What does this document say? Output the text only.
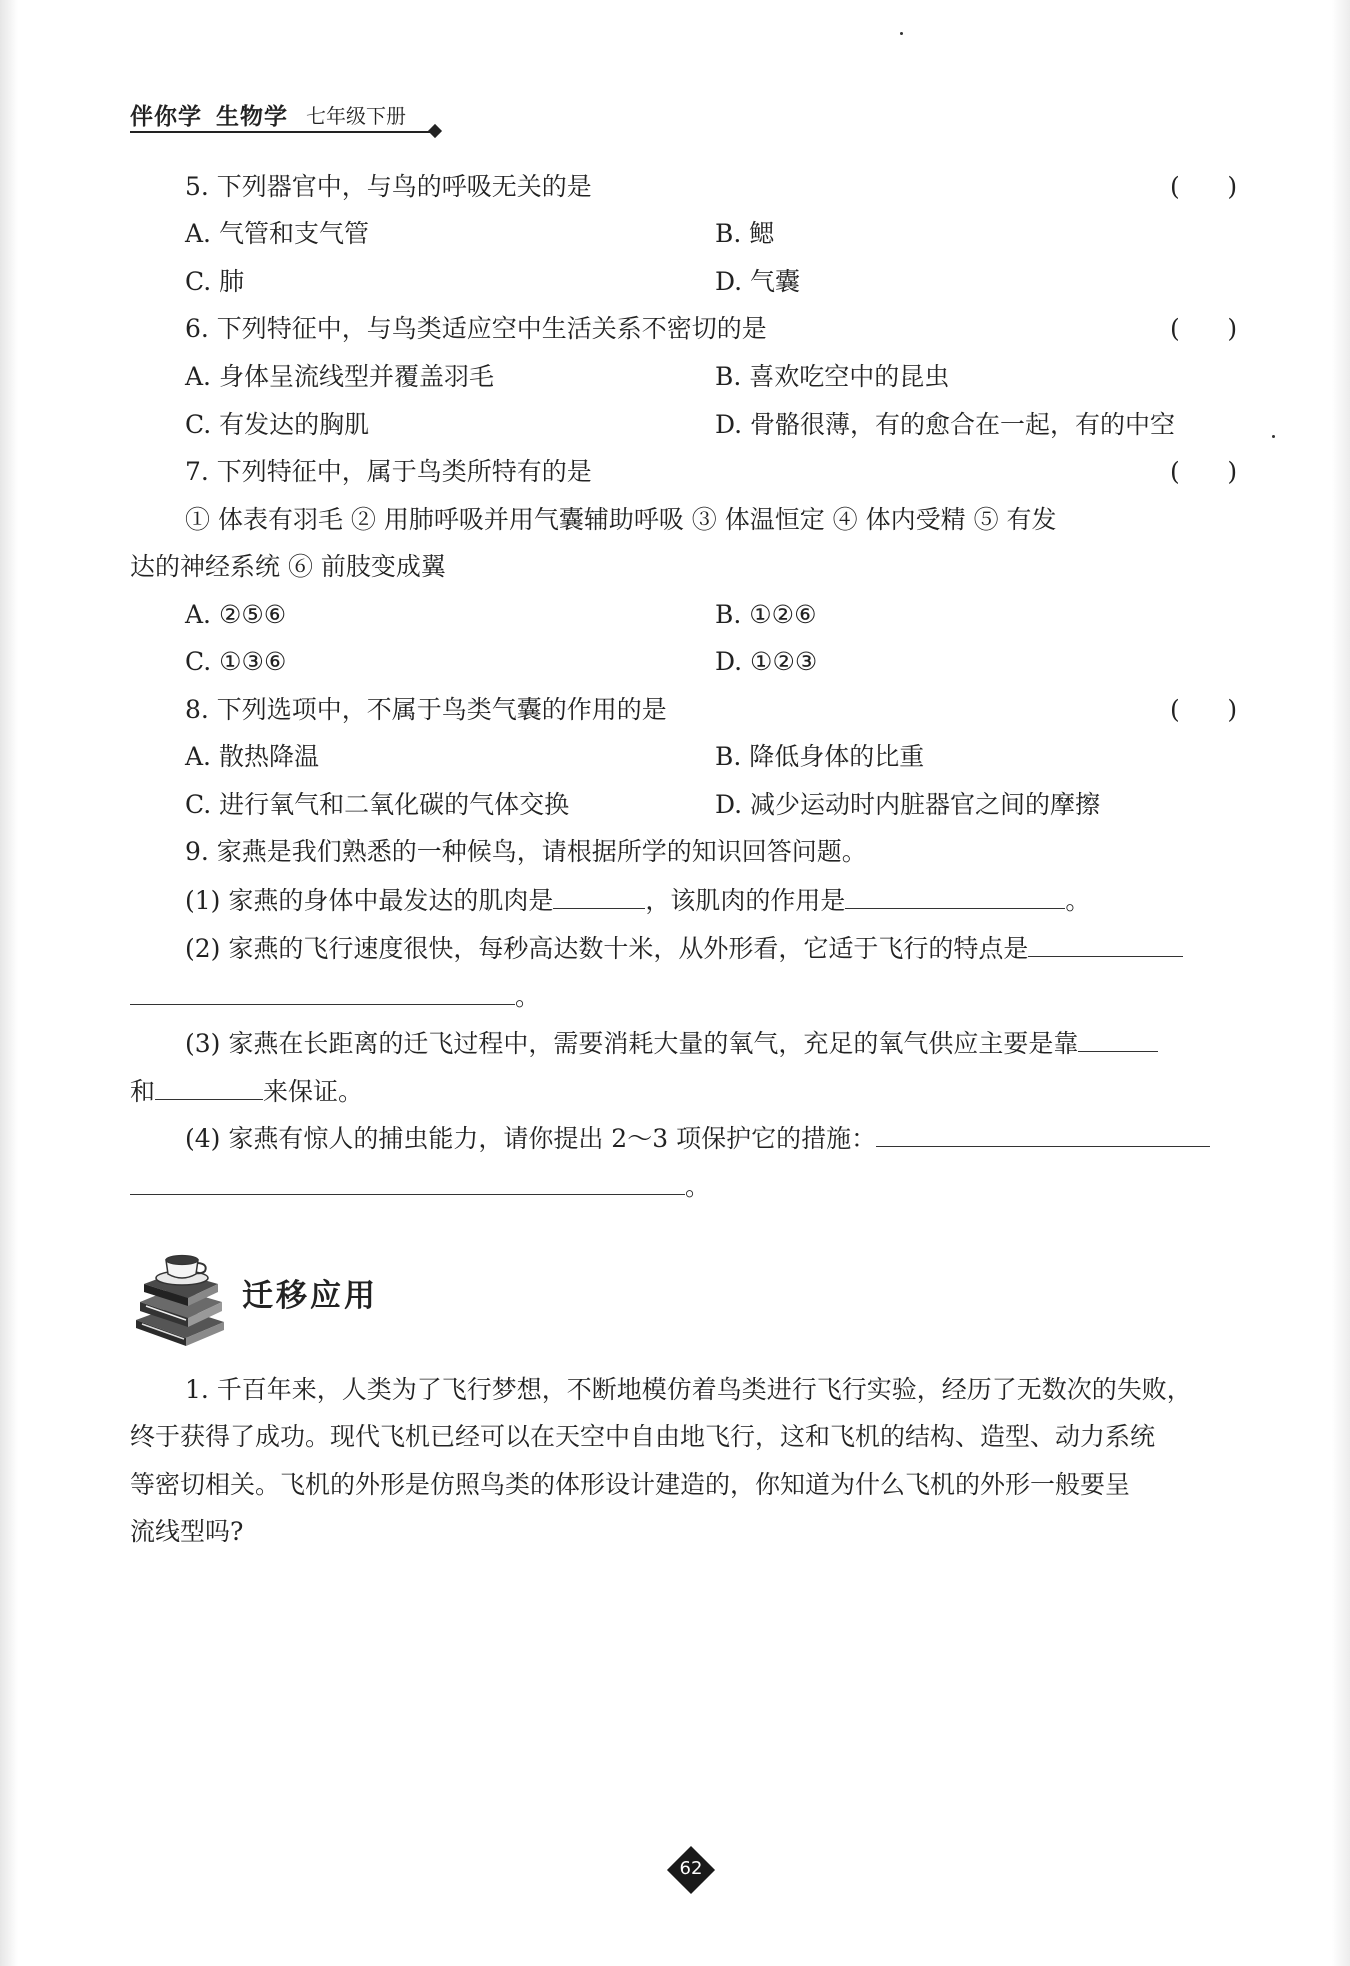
伴你学 生物学 七年级下册
5. 下列器官中，与鸟的呼吸无关的是	(      )
A. 气管和支气管	B. 鳃
C. 肺	D. 气囊
6. 下列特征中，与鸟类适应空中生活关系不密切的是	(      )
A. 身体呈流线型并覆盖羽毛	B. 喜欢吃空中的昆虫
C. 有发达的胸肌	D. 骨骼很薄，有的愈合在一起，有的中空
7. 下列特征中，属于鸟类所特有的是	(      )
① 体表有羽毛 ② 用肺呼吸并用气囊辅助呼吸 ③ 体温恒定 ④ 体内受精 ⑤ 有发
达的神经系统 ⑥ 前肢变成翼
A. ②⑤⑥	B. ①②⑥
C. ①③⑥	D. ①②③
8. 下列选项中，不属于鸟类气囊的作用的是	(      )
A. 散热降温	B. 降低身体的比重
C. 进行氧气和二氧化碳的气体交换	D. 减少运动时内脏器官之间的摩擦
9. 家燕是我们熟悉的一种候鸟，请根据所学的知识回答问题。
(1) 家燕的身体中最发达的肌肉是	，该肌肉的作用是	。
(2) 家燕的飞行速度很快，每秒高达数十米，从外形看，它适于飞行的特点是
。
(3) 家燕在长距离的迁飞过程中，需要消耗大量的氧气，充足的氧气供应主要是靠
和	来保证。
(4) 家燕有惊人的捕虫能力，请你提出 2～3 项保护它的措施：
。
迁移应用
1. 千百年来，人类为了飞行梦想，不断地模仿着鸟类进行飞行实验，经历了无数次的失败，
终于获得了成功。现代飞机已经可以在天空中自由地飞行，这和飞机的结构、造型、动力系统
等密切相关。飞机的外形是仿照鸟类的体形设计建造的，你知道为什么飞机的外形一般要呈
流线型吗?
62
